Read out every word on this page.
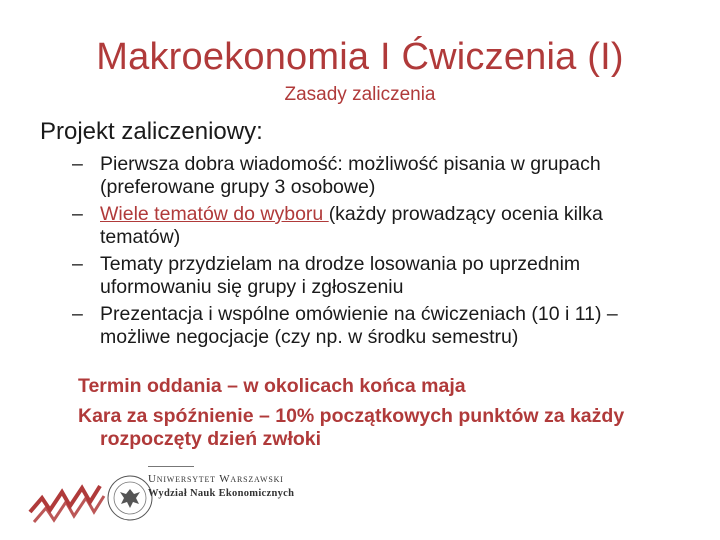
Makroekonomia I Ćwiczenia (I)
Zasady zaliczenia
Projekt zaliczeniowy:
– Pierwsza dobra wiadomość: możliwość pisania w grupach (preferowane grupy 3 osobowe)
– Wiele tematów do wyboru (każdy prowadzący ocenia kilka tematów)
– Tematy przydzielam na drodze losowania po uprzednim uformowaniu się grupy i zgłoszeniu
– Prezentacja i wspólne omówienie na ćwiczeniach (10 i 11) – możliwe negocjacje (czy np. w środku semestru)
Termin oddania – w okolicach końca maja
Kara za spóźnienie – 10% początkowych punktów za każdy rozpoczęty dzień zwłoki
Uniwersytet Warszawski
Wydział Nauk Ekonomicznych
